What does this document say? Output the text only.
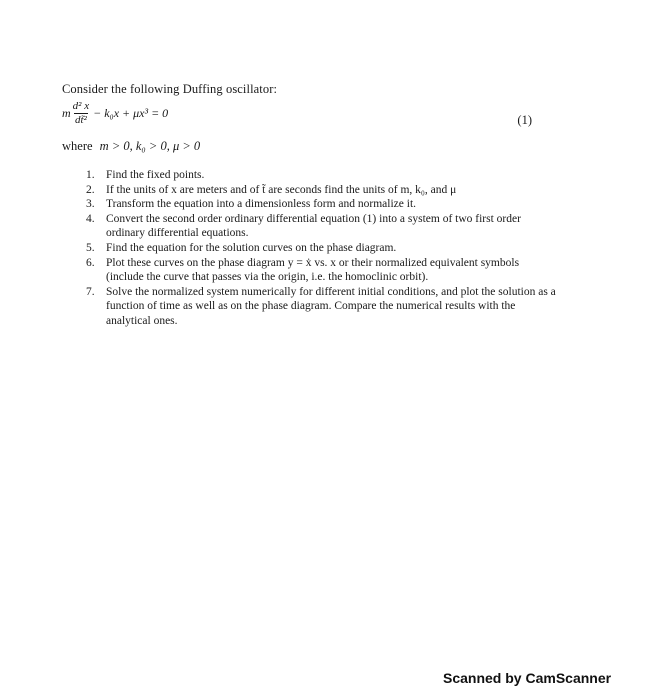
Consider the following Duffing oscillator:
m $\frac{\text{d² x}}{\text{dt̃²}} - k_0x + \mu x^3 = 0$	(1)
where m > 0, k₀ > 0, μ > 0
1. Find the fixed points.
2. If the units of x are meters and of t̃ are seconds find the units of m, k₀, and μ
3. Transform the equation into a dimensionless form and normalize it.
4. Convert the second order ordinary differential equation (1) into a system of two first order ordinary differential equations.
5. Find the equation for the solution curves on the phase diagram.
6. Plot these curves on the phase diagram y = ẋ vs. x or their normalized equivalent symbols (include the curve that passes via the origin, i.e. the homoclinic orbit).
7. Solve the normalized system numerically for different initial conditions, and plot the solution as a function of time as well as on the phase diagram. Compare the numerical results with the analytical ones.
Scanned by CamScanner
